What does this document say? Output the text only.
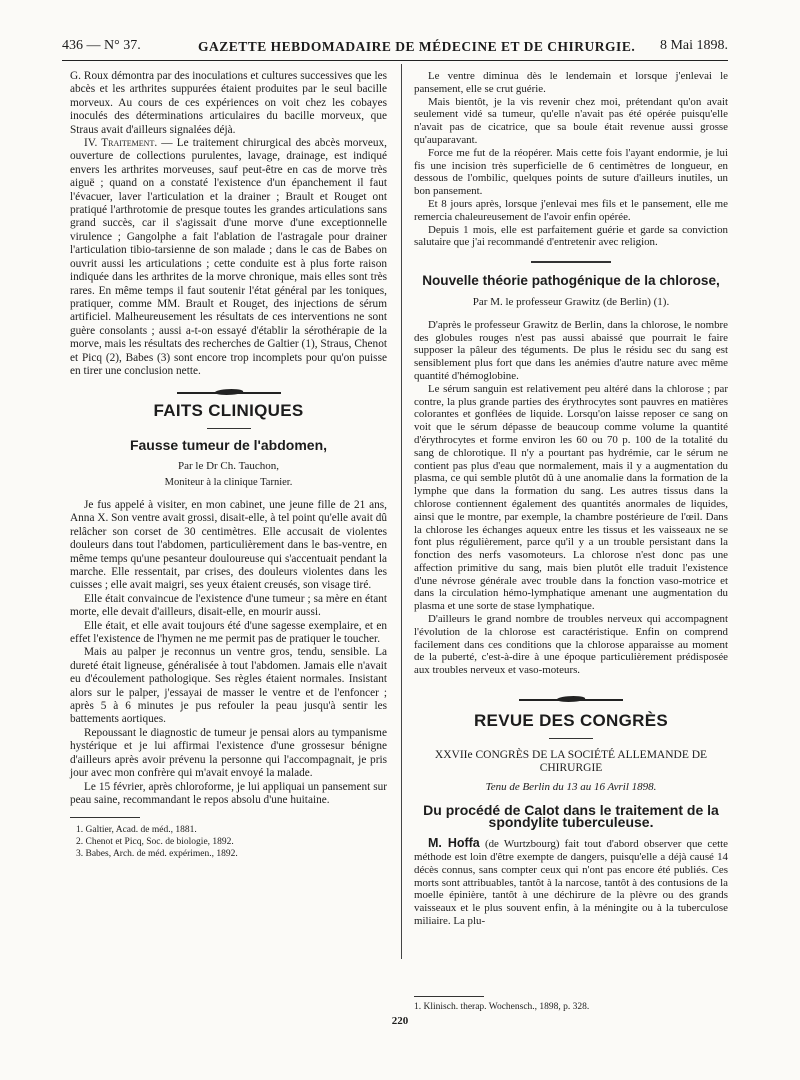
436 — N° 37.	GAZETTE HEBDOMADAIRE DE MÉDECINE ET DE CHIRURGIE. 8 Mai 1898.

G. Roux démontra par des inoculations et cultures successives que les abcès et les arthrites suppurées étaient produites par le seul bacille morveux. Au cours de ces expériences on voit chez les cobayes inoculés des déterminations articulaires du bacille morveux, que Straus avait d'ailleurs signalées déjà.

IV. Traitement. — Le traitement chirurgical des abcès morveux, ouverture de collections purulentes, lavage, drainage, est indiqué envers les arthrites morveuses, sauf peut-être en cas de morve très aiguë ; quand on a constaté l'existence d'un épanchement il faut l'évacuer, laver l'articulation et la drainer ; Brault et Rouget ont pratiqué l'arthrotomie de presque toutes les grandes articulations sans grand succès, car il s'agissait d'une morve d'une exceptionnelle virulence ; Gangolphe a fait l'ablation de l'astragale pour drainer l'articulation tibio-tarsienne de son malade ; dans le cas de Babes on ouvrit aussi les articulations ; cette conduite est à plus forte raison indiquée dans les arthrites de la morve chronique, mais elles sont très rares. En même temps il faut soutenir l'état général par les toniques, pratiquer, comme MM. Brault et Rouget, des injections de sérum artificiel. Malheureusement les résultats de ces interventions ne sont guère consolants ; aussi a-t-on essayé d'établir la sérothérapie de la morve, mais les résultats des recherches de Galtier (1), Straus, Chenot et Picq (2), Babes (3) sont encore trop incomplets pour qu'on puisse en tirer une conclusion nette.

FAITS CLINIQUES
Fausse tumeur de l'abdomen,
Par le Dr Ch. Tauchon,
Moniteur à la clinique Tarnier.

Je fus appelé à visiter, en mon cabinet, une jeune fille de 21 ans, Anna X. Son ventre avait grossi, disait-elle, à tel point qu'elle avait dû relâcher son corset de 30 centimètres. Elle accusait de violentes douleurs dans tout l'abdomen, particulièrement dans le bas-ventre, en même temps qu'une pesanteur douloureuse qui s'accentuait pendant la marche. Elle ressentait, par crises, des douleurs violentes dans les cuisses ; elle avait maigri, ses yeux étaient creusés, son visage tiré.

Elle était convaincue de l'existence d'une tumeur ; sa mère en étant morte, elle devait d'ailleurs, disait-elle, en mourir aussi.

Elle était, et elle avait toujours été d'une sagesse exemplaire, et en effet l'existence de l'hymen ne me permit pas de pratiquer le toucher.

Mais au palper je reconnus un ventre gros, tendu, sensible. La dureté était ligneuse, généralisée à tout l'abdomen. Jamais elle n'avait eu d'écoulement pathologique. Ses règles étaient normales. Insistant alors sur le palper, j'essayai de masser le ventre et de l'enfoncer ; après 5 à 6 minutes je pus refouler la peau jusqu'à sentir les battements aortiques.

Repoussant le diagnostic de tumeur je pensai alors au tympanisme hystérique et je lui affirmai l'existence d'une grossesur bénigne d'ailleurs après avoir prévenu la personne qui l'accompagnait, je pris jour avec mon confrère qui m'avait envoyé la malade.

Le 15 février, après chloroforme, je lui appliquai un pansement sur peau saine, recommandant le repos absolu d'une huitaine.

1. Galtier, Acad. de méd., 1881.

2. Chenot et Picq, Soc. de biologie, 1892.

3. Babes, Arch. de méd. expérimen., 1892.

Le ventre diminua dès le lendemain et lorsque j'enlevai le pansement, elle se crut guérie.

Mais bientôt, je la vis revenir chez moi, prétendant qu'on avait seulement vidé sa tumeur, qu'elle n'avait pas été opérée puisqu'elle n'avait pas de cicatrice, que sa boule était revenue aussi grosse qu'auparavant.

Force me fut de la réopérer. Mais cette fois l'ayant endormie, je lui fis une incision très superficielle de 6 centimètres de longueur, en dessous de l'ombilic, quelques points de suture d'ailleurs inutiles, un bon pansement.

Et 8 jours après, lorsque j'enlevai mes fils et le pansement, elle me remercia chaleureusement de l'avoir enfin opérée.

Depuis 1 mois, elle est parfaitement guérie et garde sa conviction salutaire que j'ai recommandé d'entretenir avec religion.

Nouvelle théorie pathogénique de la chlorose,
Par M. le professeur Grawitz (de Berlin) (1).

D'après le professeur Grawitz de Berlin, dans la chlorose, le nombre des globules rouges n'est pas aussi abaissé que pourrait le faire supposer la pâleur des téguments. De plus le résidu sec du sang est sensiblement plus fort que dans les anémies d'autre nature avec même quantité d'hémoglobine.

Le sérum sanguin est relativement peu altéré dans la chlorose ; par contre, la plus grande parties des érythrocytes sont pauvres en matières colorantes et gonflées de liquide. Lorsqu'on laisse reposer ce sang on voit que le sérum dépasse de beaucoup comme volume la quantité d'érythrocytes et forme environ les 60 ou 70 p. 100 de la totalité du sang de chlorotique. Il n'y a pourtant pas hydrémie, car le sérum ne contient pas plus d'eau que normalement, mais il y a augmentation du plasma, ce qui semble plutôt dû à une anomalie dans la formation de la lymphe que dans la formation du sang. Les autres tissus dans la chlorose contiennent également des quantités anormales de liquides, ainsi que le montre, par exemple, la chambre postérieure de l'œil. Dans la chlorose les échanges aqueux entre les tissus et les vaisseaux ne se font plus régulièrement, parce qu'il y a un trouble persistant dans la fonction des nerfs vasomoteurs. La chlorose n'est donc pas une affection primitive du sang, mais bien plutôt elle traduit l'existence d'une névrose générale avec trouble dans la fonction vaso-motrice et dans la circulation hémo-lymphatique amenant une augmentation du plasma et une sorte de stase lymphatique.

D'ailleurs le grand nombre de troubles nerveux qui accompagnent l'évolution de la chlorose est caractéristique. Enfin on comprend facilement dans ces conditions que la chlorose apparaisse au moment de la puberté, c'est-à-dire à une époque particulièrement prédisposée aux troubles nerveux et vaso-moteurs.

REVUE DES CONGRÈS
XXVIIe CONGRÈS DE LA SOCIÉTÉ ALLEMANDE DE CHIRURGIE
Tenu de Berlin du 13 au 16 Avril 1898.
Du procédé de Calot dans le traitement de la spondylite tuberculeuse.

M. Hoffa (de Wurtzbourg) fait tout d'abord observer que cette méthode est loin d'être exempte de dangers, puisqu'elle a déjà causé 14 décès connus, sans compter ceux qui n'ont pas encore été publiés. Ces morts sont attribuables, tantôt à la narcose, tantôt à des contusions de la moelle épinière, tantôt à une déchirure de la plèvre ou des grands vaisseaux et le plus souvent enfin, à la méningite ou à la tuberculose miliaire. La plu-

1. Klinisch. therap. Wochensch., 1898, p. 328.
220
